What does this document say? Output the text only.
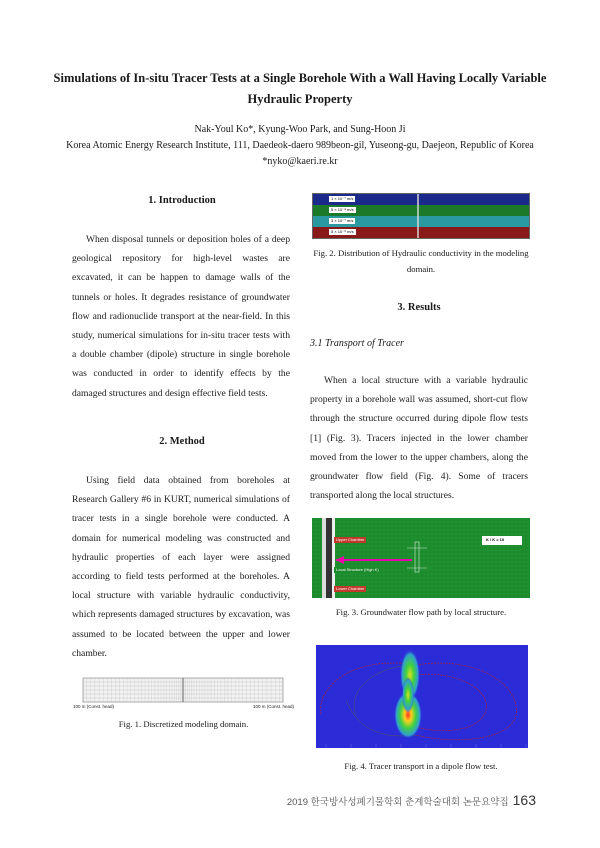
Simulations of In-situ Tracer Tests at a Single Borehole With a Wall Having Locally Variable Hydraulic Property
Nak-Youl Ko*, Kyung-Woo Park, and Sung-Hoon Ji
Korea Atomic Energy Research Institute, 111, Daedeok-daero 989beon-gil, Yuseong-gu, Daejeon, Republic of Korea
*nyko@kaeri.re.kr
1. Introduction
When disposal tunnels or deposition holes of a deep geological repository for high-level wastes are excavated, it can be happen to damage walls of the tunnels or holes. It degrades resistance of groundwater flow and radionuclide transport at the near-field. In this study, numerical simulations for in-situ tracer tests with a double chamber (dipole) structure in single borehole was conducted in order to identify effects by the damaged structures and design effective field tests.
2. Method
Using field data obtained from boreholes at Research Gallery #6 in KURT, numerical simulations of tracer tests in a single borehole were conducted. A domain for numerical modeling was constructed and hydraulic properties of each layer were assigned according to field tests performed at the boreholes. A local structure with variable hydraulic conductivity, which represents damaged structures by excavation, was assumed to be located between the upper and lower chamber.
100 m (Const. head)	100 m (Const. head)
Fig. 1. Discretized modeling domain.
1 × 10⁻⁷ m/s
5 × 10⁻⁸ m/s
3 × 10⁻⁷ m/s
5 × 10⁻⁸ m/s
Fig. 2. Distribution of Hydraulic conductivity in the modeling domain.
3. Results
3.1 Transport of Tracer
When a local structure with a variable hydraulic property in a borehole wall was assumed, short-cut flow through the structure occurred during dipole flow tests [1] (Fig. 3). Tracers injected in the lower chamber moved from the lower to the upper chambers, along the groundwater flow field (Fig. 4). Some of tracers transported along the local structures.
Upper Chamber
Local Structure (High K)
Lower Chamber
K / K = 10
Fig. 3. Groundwater flow path by local structure.
Fig. 4. Tracer transport in a dipole flow test.
2019 한국방사성폐기물학회 춘계학술대회 논문요약집 163
